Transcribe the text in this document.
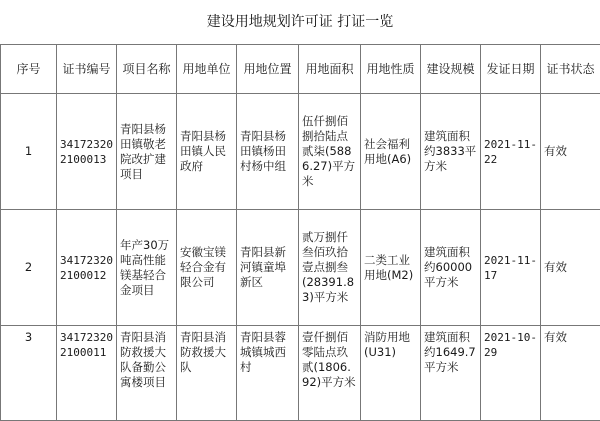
建设用地规划许可证 打证一览
序号	证书编号	项目名称	用地单位	用地位置	用地面积	用地性质	建设规模	发证日期	证书状态
1	34172320 2100013	青阳县杨田镇敬老院改扩建项目	青阳县杨田镇人民政府	青阳县杨田镇杨田村杨中组	伍仟捌佰捌拾陆点贰柒(5886.27)平方米	社会福利用地(A6)	建筑面积约3833平方米	2021-11-22	有效
2	34172320 2100012	年产30万吨高性能镁基轻合金项目	安徽宝镁轻合金有限公司	青阳县新河镇童埠新区	贰万捌仟叁佰玖拾壹点捌叁(28391.83)平方米	二类工业用地(M2)	建筑面积约60000平方米	2021-11-17	有效
3	34172320 2100011	青阳县消防救援大队备勤公寓楼项目	青阳县消防救援大队	青阳县蓉城镇城西村	壹仟捌佰零陆点玖贰(1806.92)平方米	消防用地(U31)	建筑面积约1649.7平方米	2021-10-29	有效
